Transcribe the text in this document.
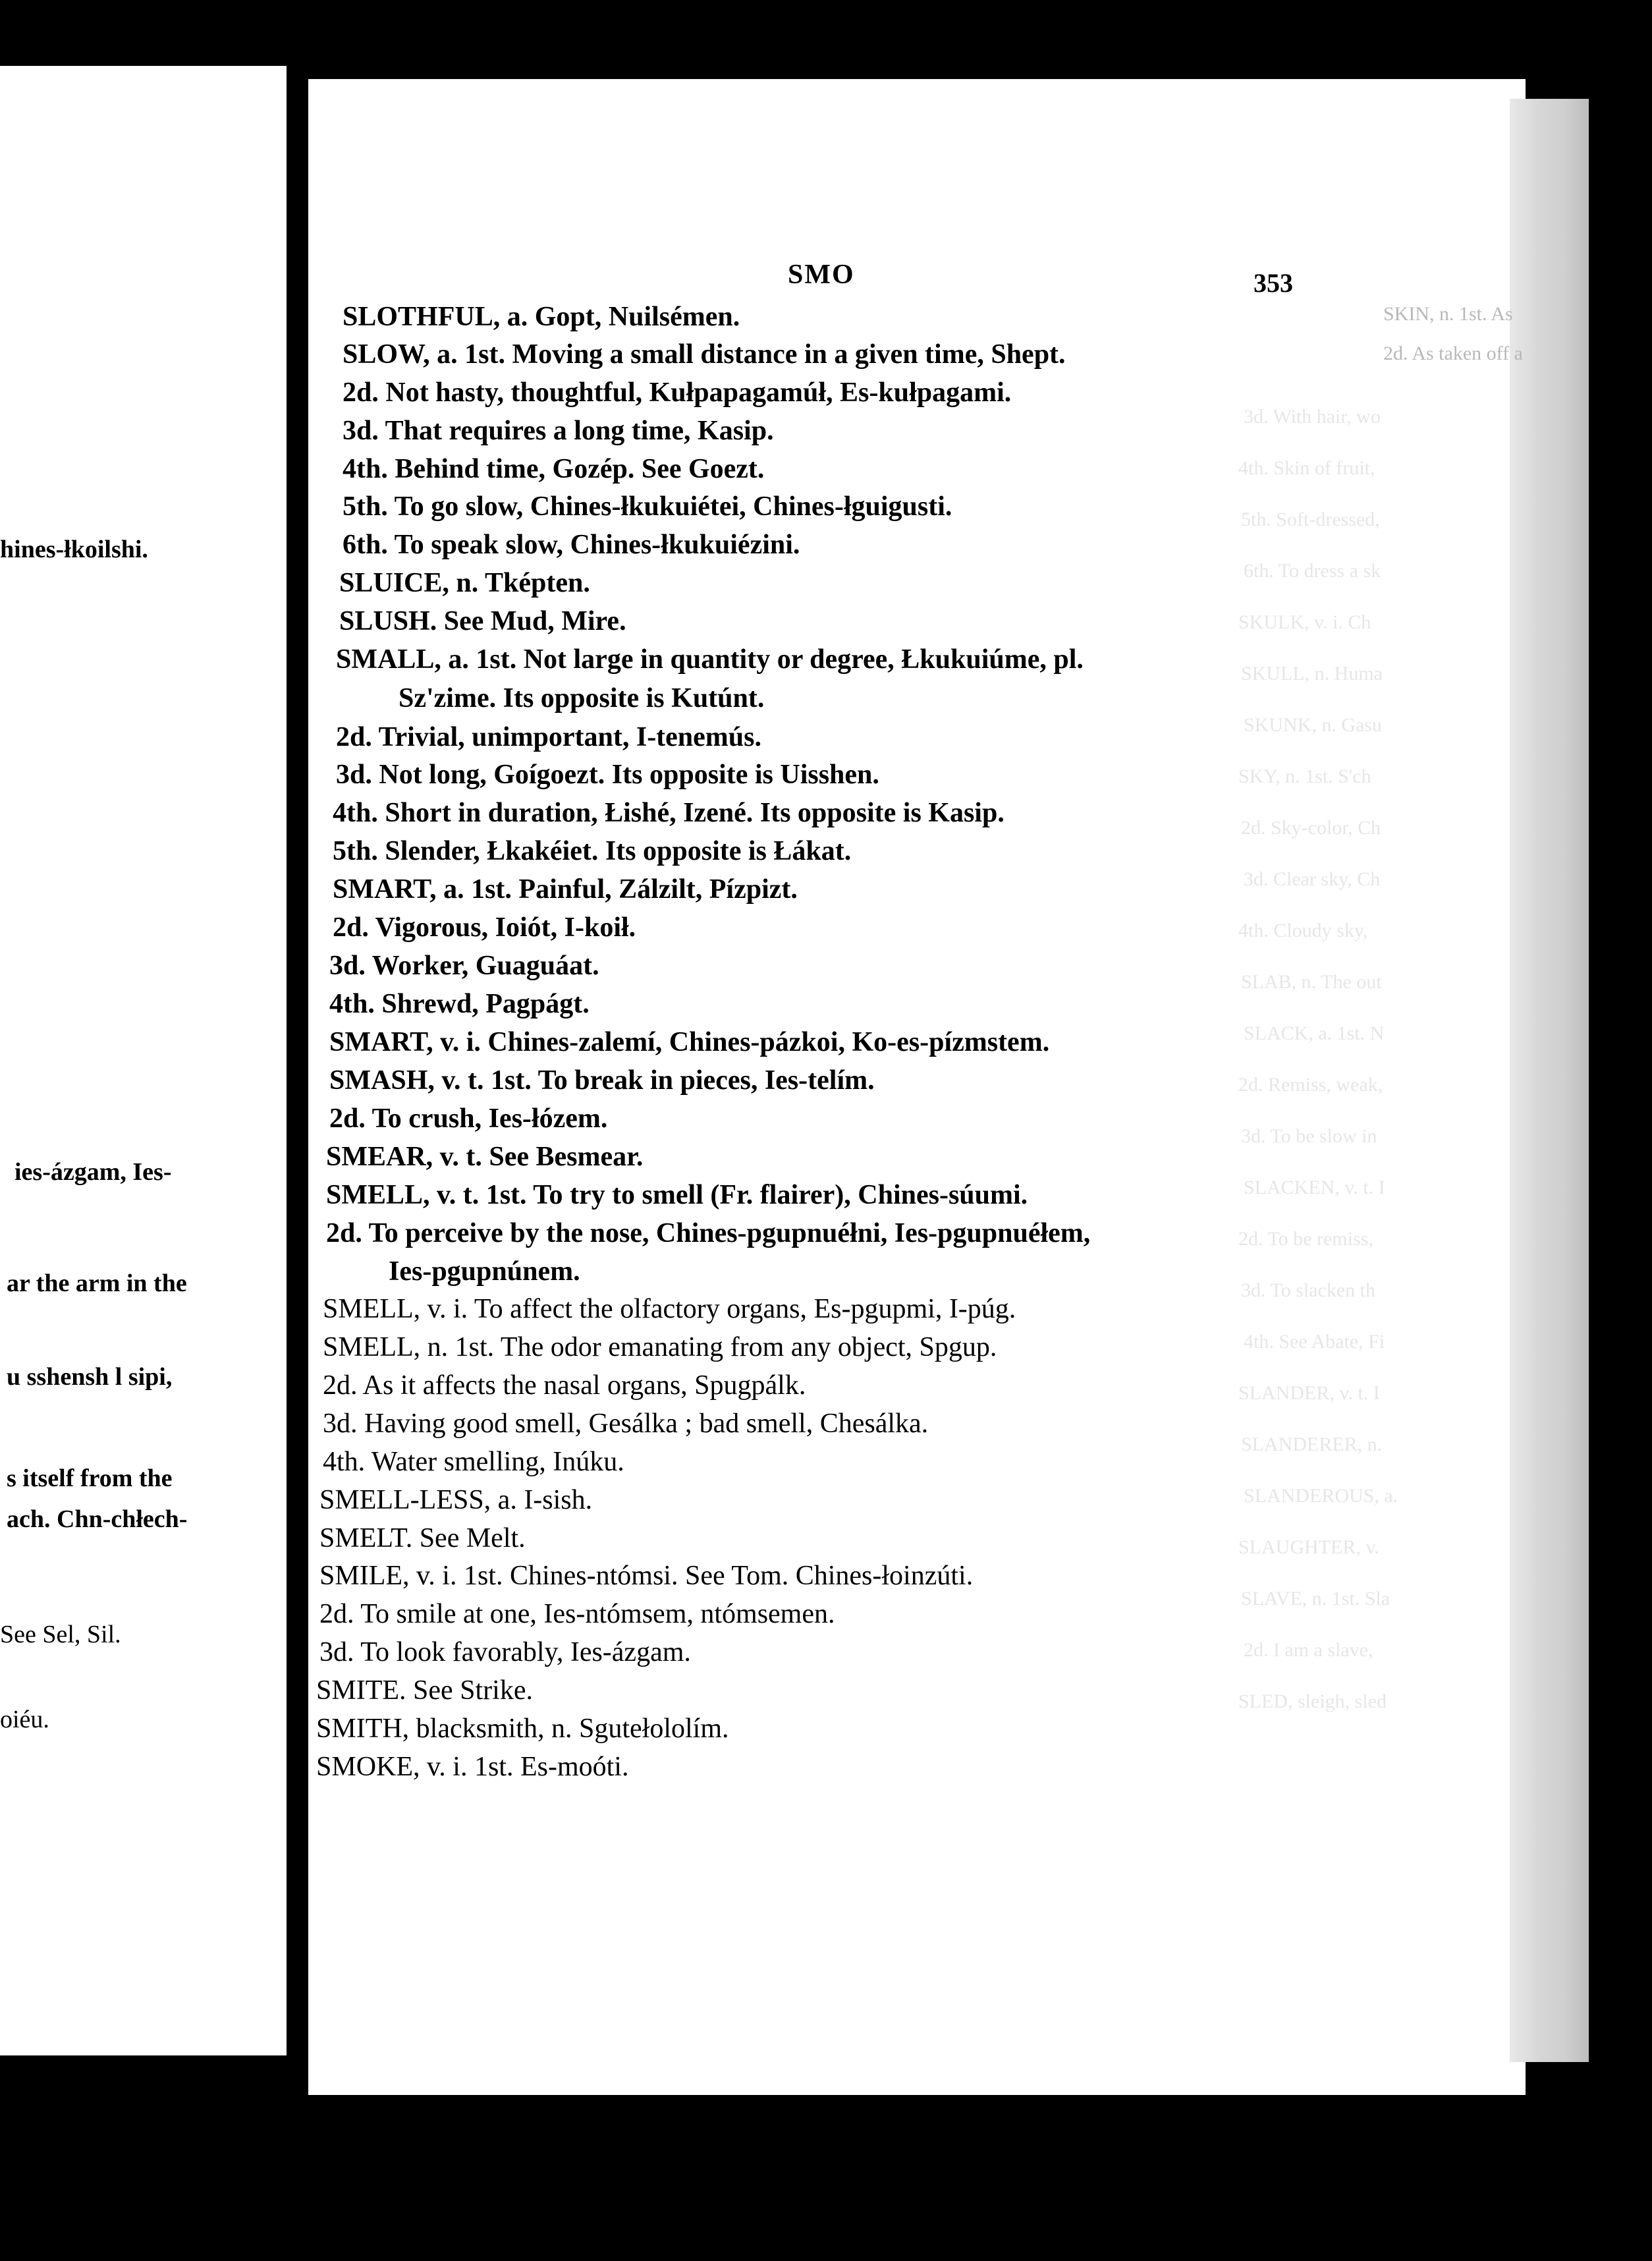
hines-łkoilshi.
ies-ázgam, Ies-
ar the arm in the
u sshensh l sipi,
s itself from the
ach. Chn-chłech-
See Sel, Sil.
oiéu.
SKIN, n. 1st. As
2d. As taken off a
3d. With hair, wo
4th. Skin of fruit,
5th. Soft-dressed,
6th. To dress a sk
SKULK, v. i. Ch
SKULL, n. Huma
SKUNK, n. Gasu
SKY, n. 1st. S'ch
2d. Sky-color, Ch
3d. Clear sky, Ch
4th. Cloudy sky,
SLAB, n. The out
SLACK, a. 1st. N
2d. Remiss, weak,
3d. To be slow in
SLACKEN, v. t. I
2d. To be remiss,
3d. To slacken th
4th. See Abate, Fi
SLANDER, v. t. I
SLANDERER, n.
SLANDEROUS, a.
SLAUGHTER, v.
SLAVE, n. 1st. Sla
2d. I am a slave,
SLED, sleigh, sled
SMO	353
SLOTHFUL, a. Gopt, Nuilsémen.
SLOW, a. 1st. Moving a small distance in a given time, Shept.
2d. Not hasty, thoughtful, Kułpapagamúł, Es-kułpagami.
3d. That requires a long time, Kasip.
4th. Behind time, Gozép. See Goezt.
5th. To go slow, Chines-łkukuiétei, Chines-łguigusti.
6th. To speak slow, Chines-łkukuiézini.
SLUICE, n. Tképten.
SLUSH. See Mud, Mire.
SMALL, a. 1st. Not large in quantity or degree, Łkukuiúme, pl.
Sz'zime. Its opposite is Kutúnt.
2d. Trivial, unimportant, I-tenemús.
3d. Not long, Goígoezt. Its opposite is Uisshen.
4th. Short in duration, Łishé, Izené. Its opposite is Kasip.
5th. Slender, Łkakéiet. Its opposite is Łákat.
SMART, a. 1st. Painful, Zálzilt, Pízpizt.
2d. Vigorous, Ioiót, I-koił.
3d. Worker, Guaguáat.
4th. Shrewd, Pagpágt.
SMART, v. i. Chines-zalemí, Chines-pázkoi, Ko-es-pízmstem.
SMASH, v. t. 1st. To break in pieces, Ies-telím.
2d. To crush, Ies-łózem.
SMEAR, v. t. See Besmear.
SMELL, v. t. 1st. To try to smell (Fr. flairer), Chines-súumi.
2d. To perceive by the nose, Chines-pgupnuéłni, Ies-pgupnuéłem,
Ies-pgupnúnem.
SMELL, v. i. To affect the olfactory organs, Es-pgupmi, I-púg.
SMELL, n. 1st. The odor emanating from any object, Spgup.
2d. As it affects the nasal organs, Spugpálk.
3d. Having good smell, Gesálka ; bad smell, Chesálka.
4th. Water smelling, Inúku.
SMELL-LESS, a. I-sish.
SMELT. See Melt.
SMILE, v. i. 1st. Chines-ntómsi. See Tom. Chines-łoinzúti.
2d. To smile at one, Ies-ntómsem, ntómsemen.
3d. To look favorably, Ies-ázgam.
SMITE. See Strike.
SMITH, blacksmith, n. Sgutełololím.
SMOKE, v. i. 1st. Es-moóti.
